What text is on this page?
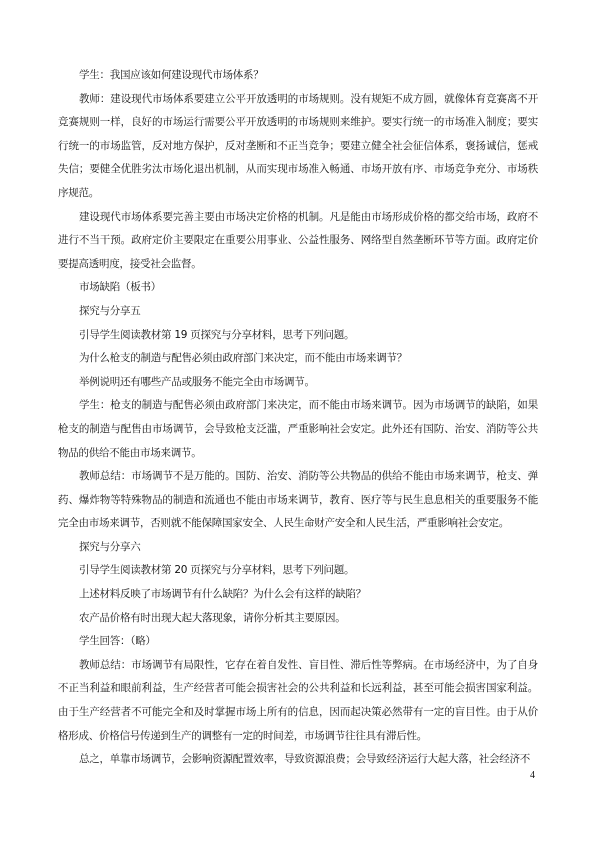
学生：我国应该如何建设现代市场体系？

教师：建设现代市场体系要建立公平开放透明的市场规则。没有规矩不成方圆，就像体育竞赛离不开竞赛规则一样，良好的市场运行需要公平开放透明的市场规则来维护。要实行统一的市场准入制度；要实行统一的市场监管，反对地方保护，反对垄断和不正当竞争；要建立健全社会征信体系，褒扬诚信，惩戒失信；要健全优胜劣汰市场化退出机制，从而实现市场准入畅通、市场开放有序、市场竞争充分、市场秩序规范。

建设现代市场体系要完善主要由市场决定价格的机制。凡是能由市场形成价格的都交给市场，政府不进行不当干预。政府定价主要限定在重要公用事业、公益性服务、网络型自然垄断环节等方面。政府定价要提高透明度，接受社会监督。

市场缺陷（板书）

探究与分享五

引导学生阅读教材第 19 页探究与分享材料，思考下列问题。

为什么枪支的制造与配售必须由政府部门来决定，而不能由市场来调节？

举例说明还有哪些产品或服务不能完全由市场调节。

学生：枪支的制造与配售必须由政府部门来决定，而不能由市场来调节。因为市场调节的缺陷，如果枪支的制造与配售由市场调节，会导致枪支泛滥，严重影响社会安定。此外还有国防、治安、消防等公共物品的供给不能由市场来调节。

教师总结：市场调节不是万能的。国防、治安、消防等公共物品的供给不能由市场来调节，枪支、弹药、爆炸物等特殊物品的制造和流通也不能由市场来调节，教育、医疗等与民生息息相关的重要服务不能完全由市场来调节，否则就不能保障国家安全、人民生命财产安全和人民生活，严重影响社会安定。

探究与分享六

引导学生阅读教材第 20 页探究与分享材料，思考下列问题。

上述材料反映了市场调节有什么缺陷？为什么会有这样的缺陷？

农产品价格有时出现大起大落现象，请你分析其主要原因。

学生回答：（略）

教师总结：市场调节有局限性，它存在着自发性、盲目性、滞后性等弊病。在市场经济中，为了自身不正当利益和眼前利益，生产经营者可能会损害社会的公共利益和长远利益，甚至可能会损害国家利益。由于生产经营者不可能完全和及时掌握市场上所有的信息，因而起决策必然带有一定的盲目性。由于从价格形成、价格信号传递到生产的调整有一定的时间差，市场调节往往具有滞后性。

总之，单靠市场调节，会影响资源配置效率，导致资源浪费；会导致经济运行大起大落，社会经济不

4
